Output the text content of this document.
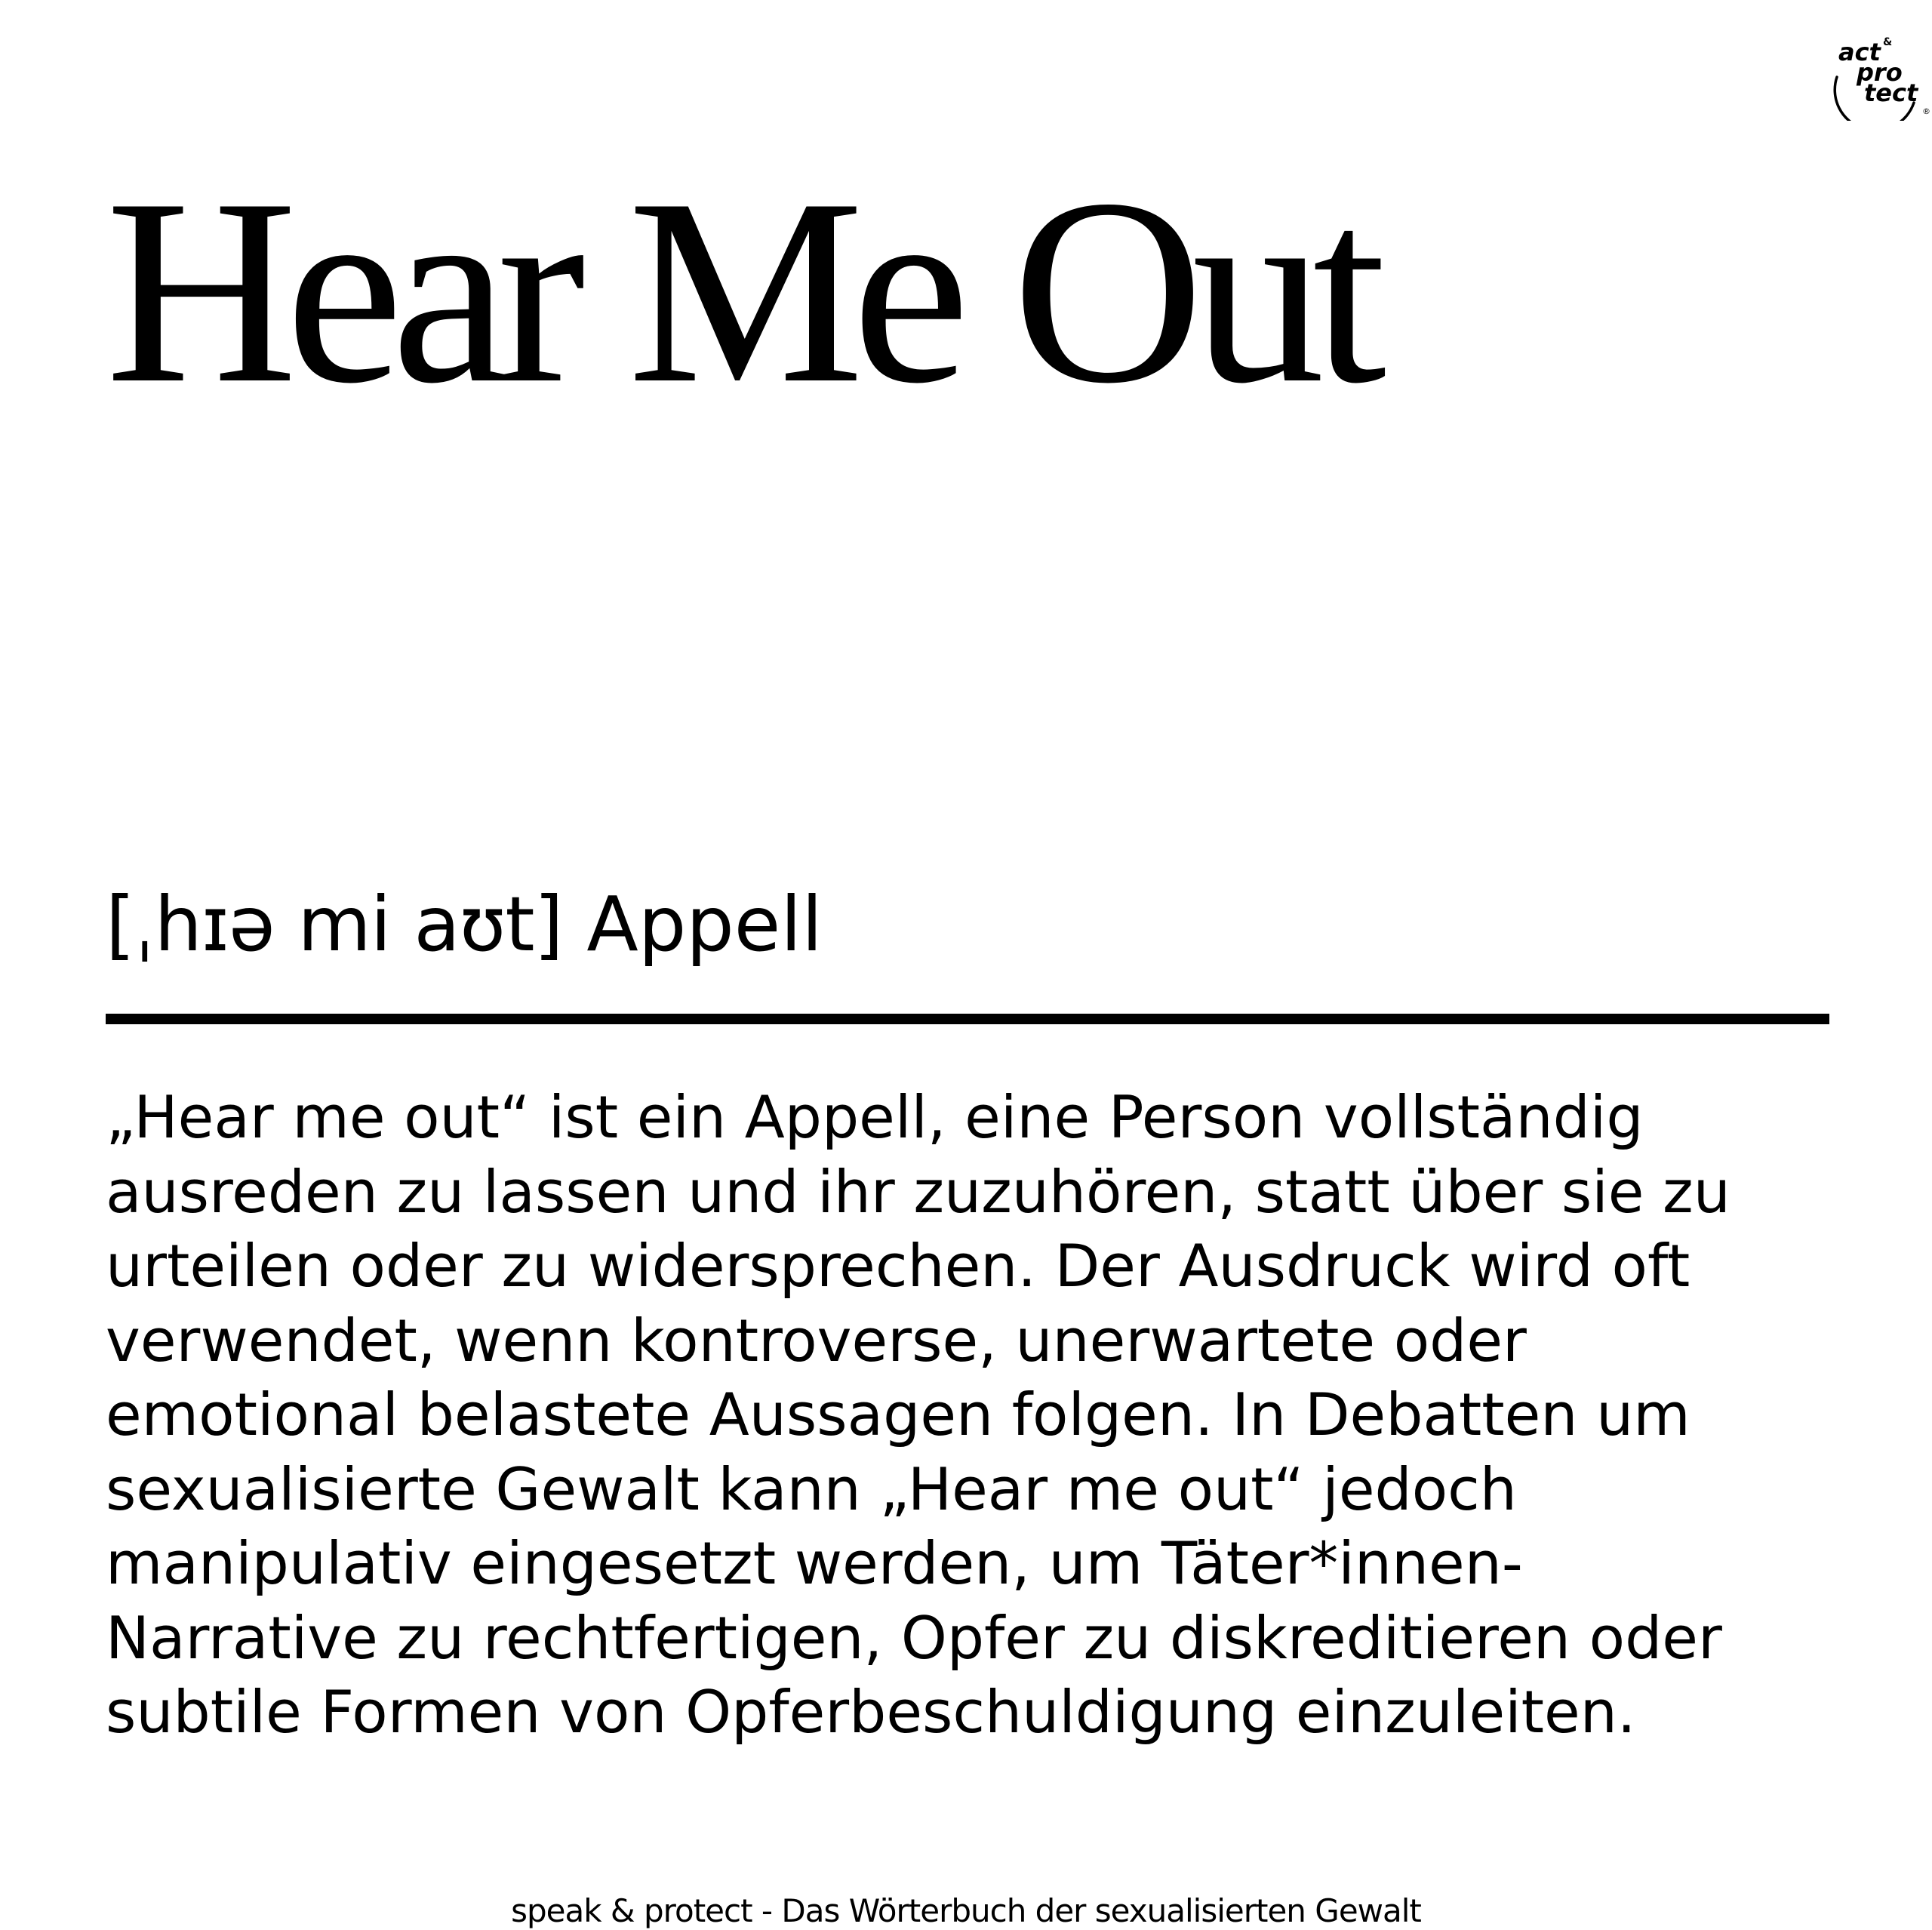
act &
pro
tect
®
Hear Me Out
[ˌhɪə mi aʊt] Appell

„Hear me out“ ist ein Appell, eine Person vollständig
ausreden zu lassen und ihr zuzuhören, statt über sie zu
urteilen oder zu widersprechen. Der Ausdruck wird oft
verwendet, wenn kontroverse, unerwartete oder
emotional belastete Aussagen folgen. In Debatten um
sexualisierte Gewalt kann „Hear me out“ jedoch
manipulativ eingesetzt werden, um Täter*innen-
Narrative zu rechtfertigen, Opfer zu diskreditieren oder
subtile Formen von Opferbeschuldigung einzuleiten.

speak & protect - Das Wörterbuch der sexualisierten Gewalt
